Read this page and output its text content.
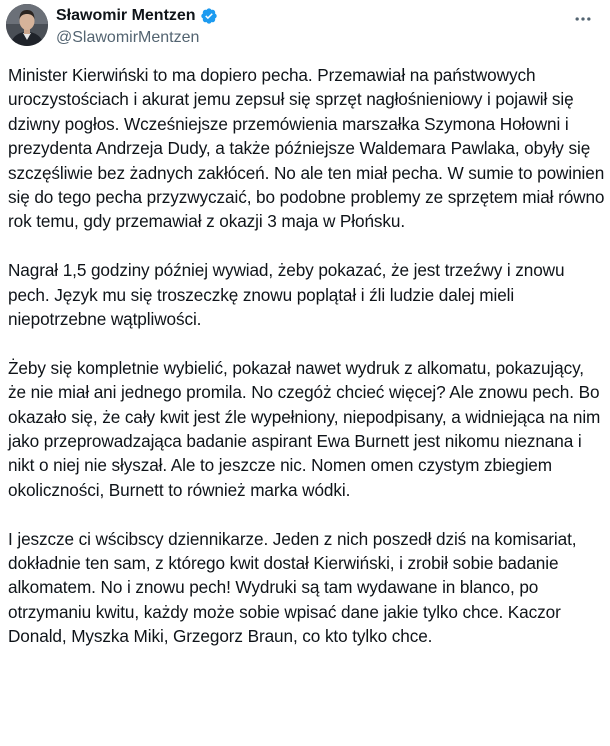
Sławomir Mentzen
@SlawomirMentzen

Minister Kierwiński to ma dopiero pecha. Przemawiał na państwowych uroczystościach i akurat jemu zepsuł się sprzęt nagłośnieniowy i pojawił się dziwny pogłos. Wcześniejsze przemówienia marszałka Szymona Hołowni i prezydenta Andrzeja Dudy, a także późniejsze Waldemara Pawlaka, obyły się szczęśliwie bez żadnych zakłóceń. No ale ten miał pecha. W sumie to powinien się do tego pecha przyzwyczaić, bo podobne problemy ze sprzętem miał równo rok temu, gdy przemawiał z okazji 3 maja w Płońsku.

Nagrał 1,5 godziny później wywiad, żeby pokazać, że jest trzeźwy i znowu pech. Język mu się troszeczkę znowu poplątał i źli ludzie dalej mieli niepotrzebne wątpliwości.

Żeby się kompletnie wybielić, pokazał nawet wydruk z alkomatu, pokazujący, że nie miał ani jednego promila. No czegóż chcieć więcej? Ale znowu pech. Bo okazało się, że cały kwit jest źle wypełniony, niepodpisany, a widniejąca na nim jako przeprowadzająca badanie aspirant Ewa Burnett jest nikomu nieznana i nikt o niej nie słyszał. Ale to jeszcze nic. Nomen omen czystym zbiegiem okoliczności, Burnett to również marka wódki.

I jeszcze ci wścibscy dziennikarze. Jeden z nich poszedł dziś na komisariat, dokładnie ten sam, z którego kwit dostał Kierwiński, i zrobił sobie badanie alkomatem. No i znowu pech! Wydruki są tam wydawane in blanco, po otrzymaniu kwitu, każdy może sobie wpisać dane jakie tylko chce. Kaczor Donald, Myszka Miki, Grzegorz Braun, co kto tylko chce.
